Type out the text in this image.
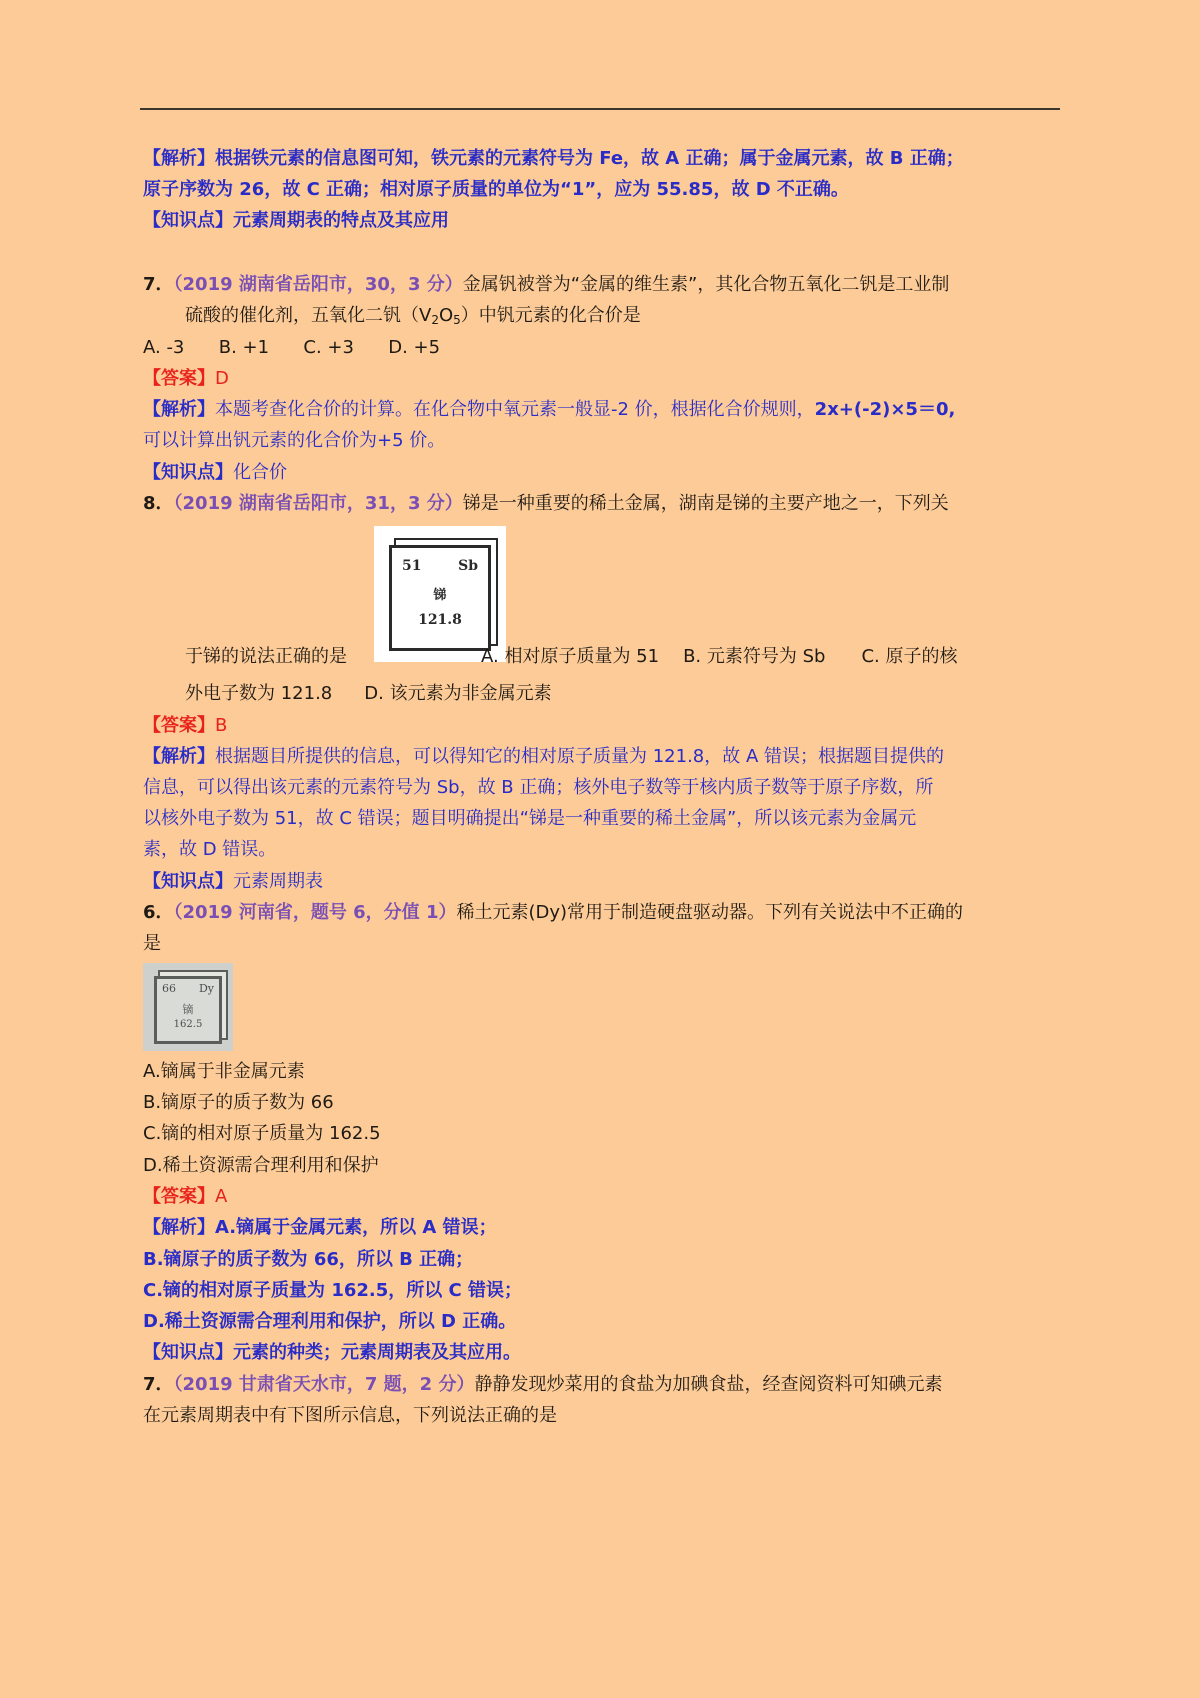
【解析】根据铁元素的信息图可知，铁元素的元素符号为 Fe，故 A 正确；属于金属元素，故 B 正确；
原子序数为 26，故 C 正确；相对原子质量的单位为“1”，应为 55.85，故 D 不正确。
【知识点】元素周期表的特点及其应用
7．（2019 湖南省岳阳市，30，3 分）金属钒被誉为“金属的维生素”，其化合物五氧化二钒是工业制
硫酸的催化剂，五氧化二钒$(V_2O_5)$中钒元素的化合价是
A. -3      B. +1      C. +3      D. +5
【答案】D
【解析】本题考查化合价的计算。在化合物中氧元素一般显-2 价，根据化合价规则，2x+(-2)×5＝0,
可以计算出钒元素的化合价为+5 价。
【知识点】化合价
8．（2019 湖南省岳阳市，31，3 分）锑是一种重要的稀土金属，湖南是锑的主要产地之一，下列关
51	Sb
锑
121.8
于锑的说法正确的是	A. 相对原子质量为 51 B. 元素符号为 Sb C. 原子的核
外电子数为 121.8 D. 该元素为非金属元素
【答案】B
【解析】根据题目所提供的信息，可以得知它的相对原子质量为 121.8，故 A 错误；根据题目提供的
信息，可以得出该元素的元素符号为 Sb，故 B 正确；核外电子数等于核内质子数等于原子序数，所
以核外电子数为 51，故 C 错误；题目明确提出“锑是一种重要的稀土金属”，所以该元素为金属元
素，故 D 错误。
【知识点】元素周期表
6．（2019 河南省，题号 6，分值 1）稀土元素(Dy)常用于制造硬盘驱动器。下列有关说法中不正确的
是
66 Dy
镝
162.5
A.镝属于非金属元素
B.镝原子的质子数为 66
C.镝的相对原子质量为 162.5
D.稀土资源需合理利用和保护
【答案】A
【解析】A.镝属于金属元素，所以 A 错误；
B.镝原子的质子数为 66，所以 B 正确；
C.镝的相对原子质量为 162.5，所以 C 错误；
D.稀土资源需合理利用和保护，所以 D 正确。
【知识点】元素的种类；元素周期表及其应用。
7．（2019 甘肃省天水市，7 题，2 分）静静发现炒菜用的食盐为加碘食盐，经查阅资料可知碘元素
在元素周期表中有下图所示信息，下列说法正确的是
